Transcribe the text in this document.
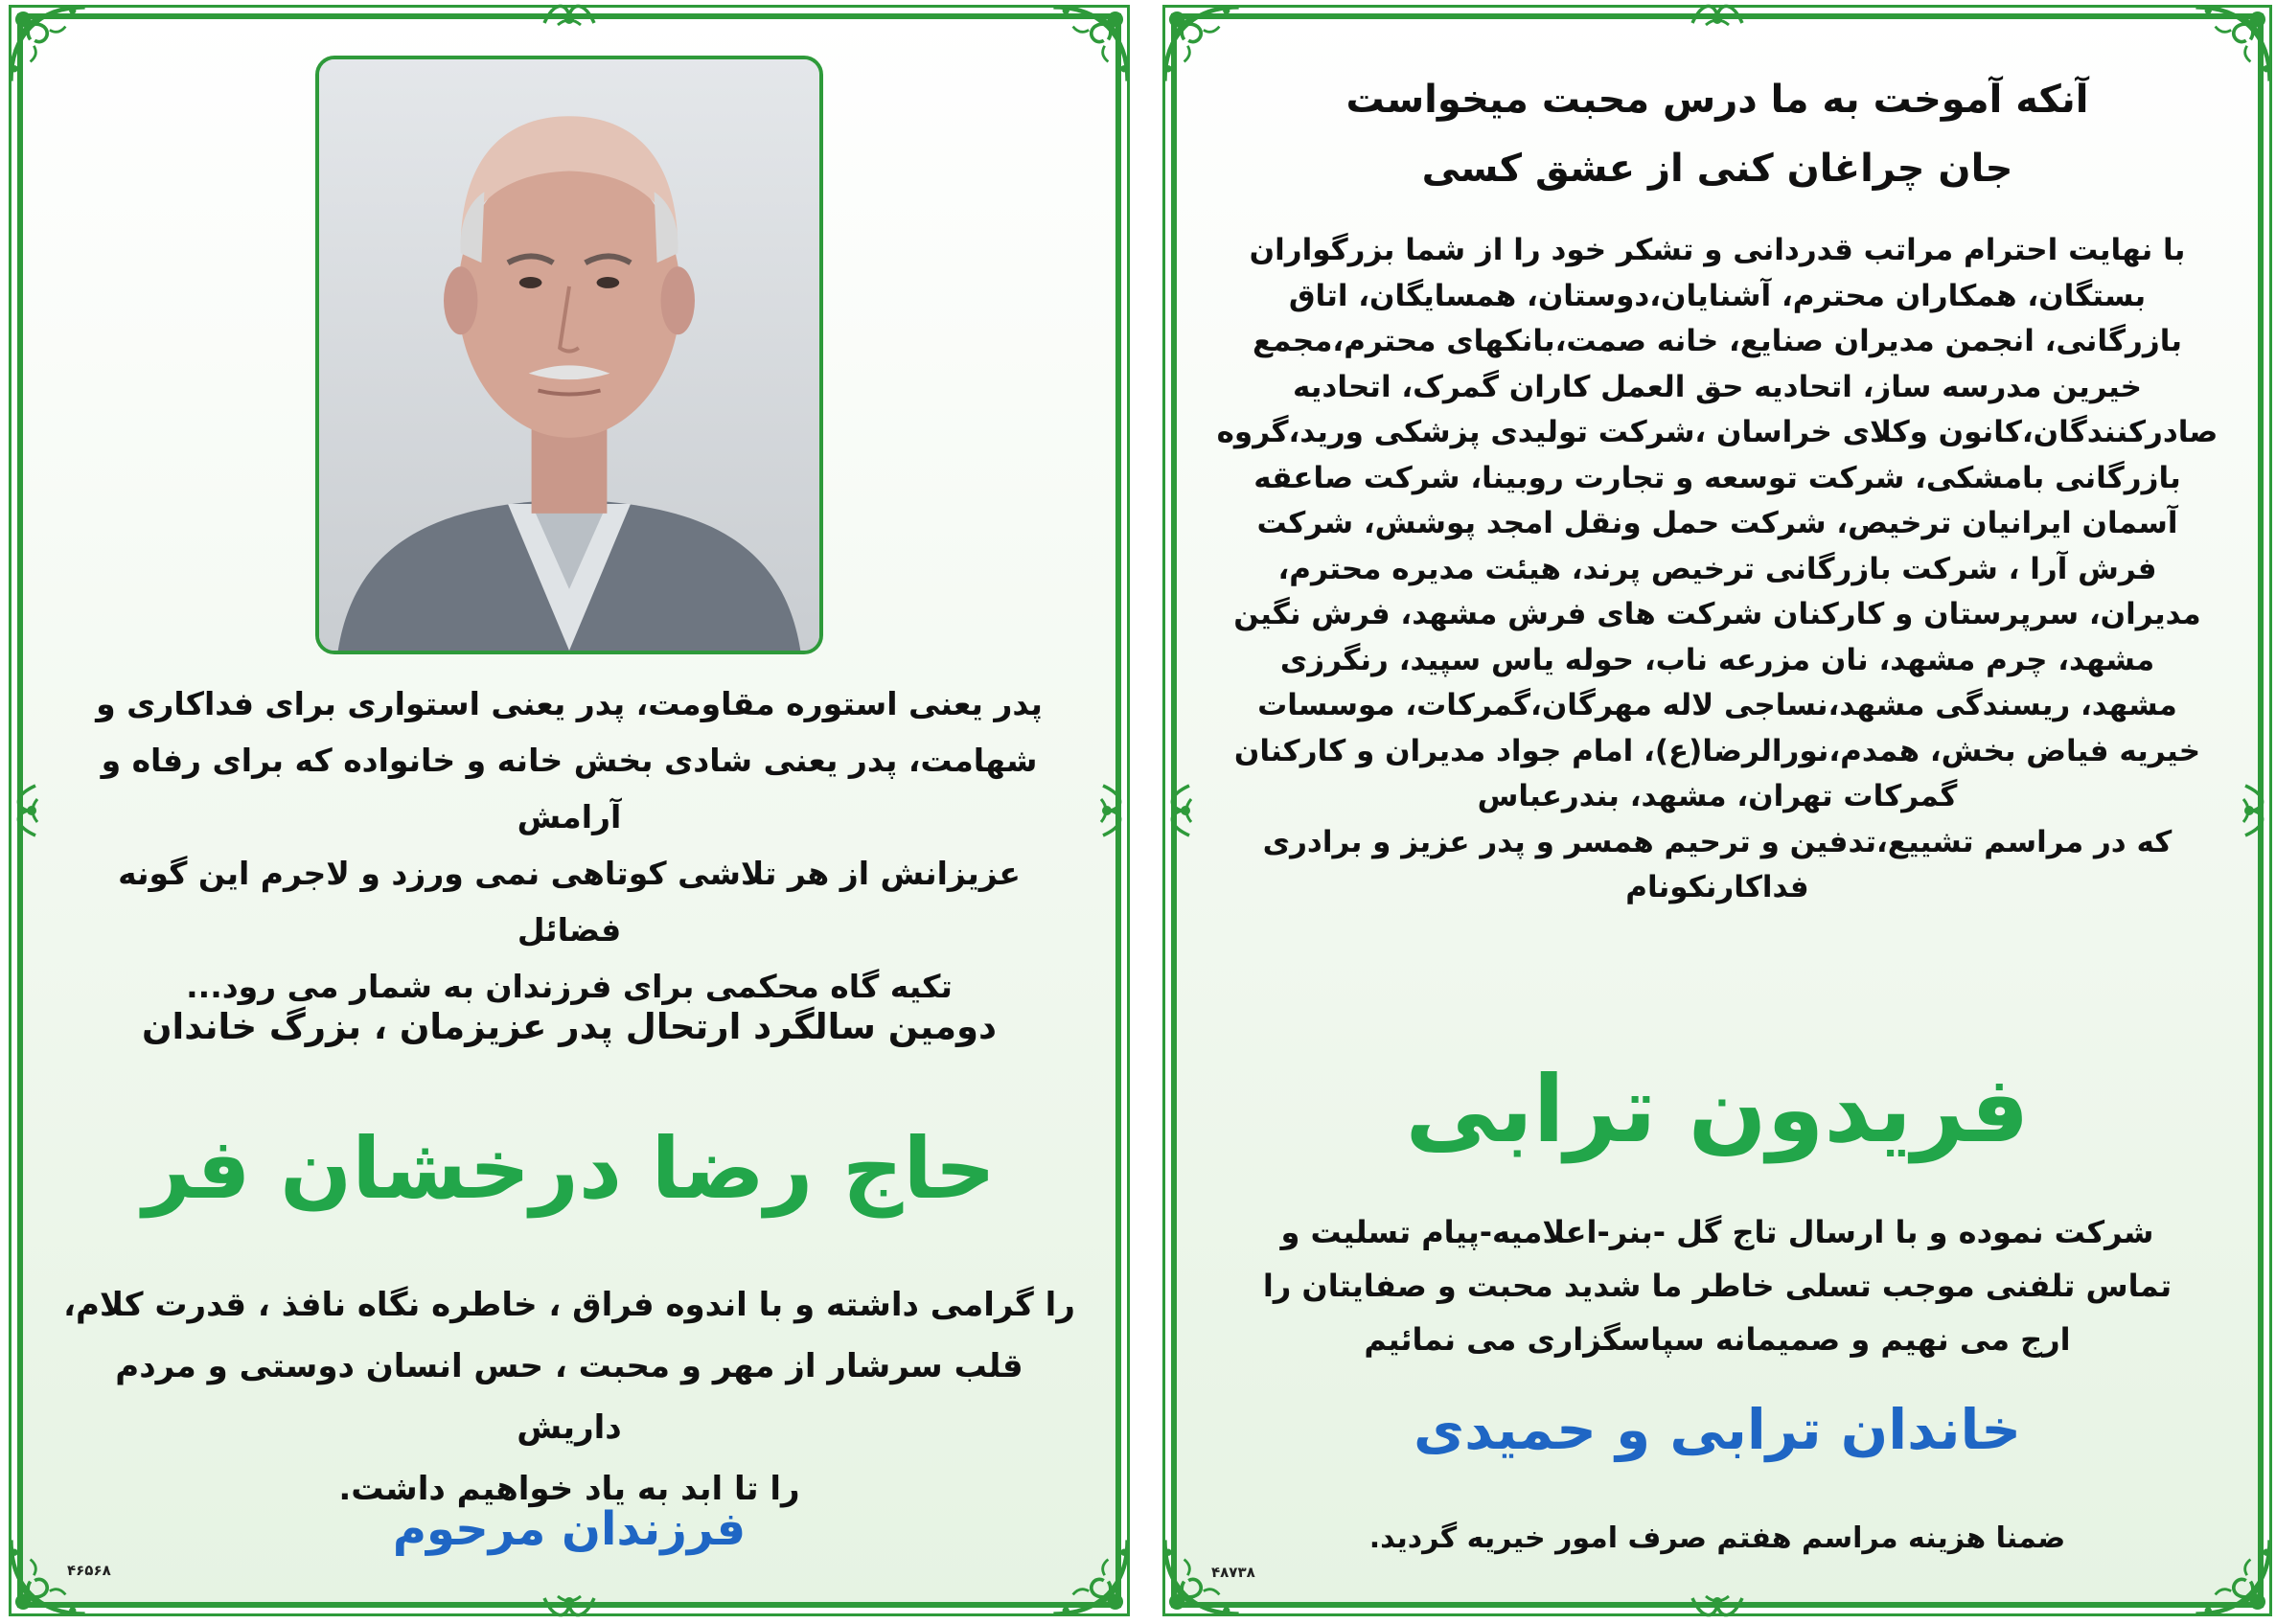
پدر یعنی استوره مقاومت، پدر یعنی استواری برای فداکاری و
شهامت، پدر یعنی شادی بخش خانه و خانواده که برای رفاه و آرامش
عزیزانش از هر تلاشی کوتاهی نمی ورزد و لاجرم این گونه فضائل
تکیه گاه محکمی برای فرزندان به شمار می رود...
دومین سالگرد ارتحال پدر عزیزمان ، بزرگ خاندان
حاج رضا درخشان فر
را گرامی داشته و با اندوه فراق ، خاطره نگاه نافذ ، قدرت کلام،
قلب سرشار از مهر و محبت ، حس انسان دوستی و مردم داریش
را تا ابد به یاد خواهیم داشت.
فرزندان مرحوم
۴۶۵۶۸
آنکه آموخت به ما درس محبت میخواست
جان چراغان کنی از عشق کسی
با نهایت احترام مراتب قدردانی و تشکر خود را از شما بزرگواران
بستگان، همکاران محترم، آشنایان،دوستان، همسایگان، اتاق
بازرگانی، انجمن مدیران صنایع، خانه صمت،بانکهای محترم،مجمع
خیرین مدرسه ساز، اتحادیه حق العمل کاران گمرک، اتحادیه
صادرکنندگان،کانون وکلای خراسان ،شرکت تولیدی پزشکی ورید،گروه
بازرگانی بامشکی، شرکت توسعه و تجارت روبینا، شرکت صاعقه
آسمان ایرانیان ترخیص، شرکت حمل ونقل امجد پوشش، شرکت
فرش آرا ، شرکت بازرگانی ترخیص پرند، هیئت مدیره محترم،
مدیران، سرپرستان و کارکنان شرکت های فرش مشهد، فرش نگین
مشهد، چرم مشهد، نان مزرعه ناب، حوله یاس سپید، رنگرزی
مشهد، ریسندگی مشهد،نساجی لاله مهرگان،گمرکات، موسسات
خیریه فیاض بخش، همدم،نورالرضا(ع)، امام جواد مدیران و کارکنان
گمرکات تهران، مشهد، بندرعباس
که در مراسم تشییع،تدفین و ترحیم همسر و پدر عزیز و برادری فداکارنکونام
فریدون ترابی
شرکت نموده و با ارسال تاج گل -بنر-اعلامیه-پیام تسلیت و
تماس تلفنی موجب تسلی خاطر ما شدید محبت و صفایتان را
ارج می نهیم و صمیمانه سپاسگزاری می نمائیم
خاندان ترابی و حمیدی
ضمنا هزینه مراسم هفتم صرف امور خیریه گردید.
۴۸۷۳۸
